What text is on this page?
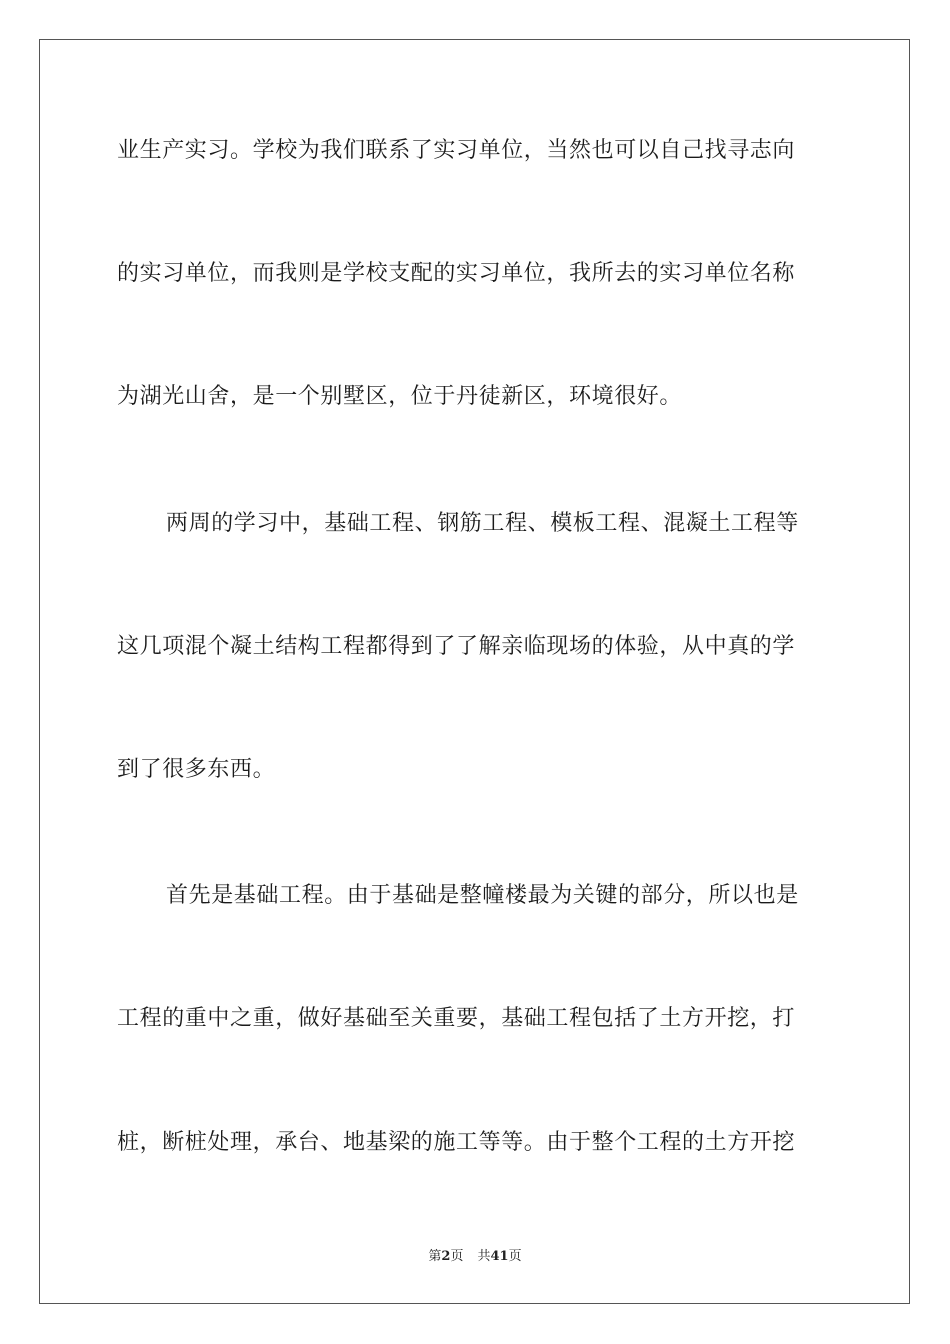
业生产实习。学校为我们联系了实习单位，当然也可以自己找寻志向
的实习单位，而我则是学校支配的实习单位，我所去的实习单位名称
为湖光山舍，是一个别墅区，位于丹徒新区，环境很好。
两周的学习中，基础工程、钢筋工程、模板工程、混凝土工程等
这几项混个凝土结构工程都得到了了解亲临现场的体验，从中真的学
到了很多东西。
首先是基础工程。由于基础是整幢楼最为关键的部分，所以也是
工程的重中之重，做好基础至关重要，基础工程包括了土方开挖，打
桩，断桩处理，承台、地基梁的施工等等。由于整个工程的土方开挖
第2页 共41页
